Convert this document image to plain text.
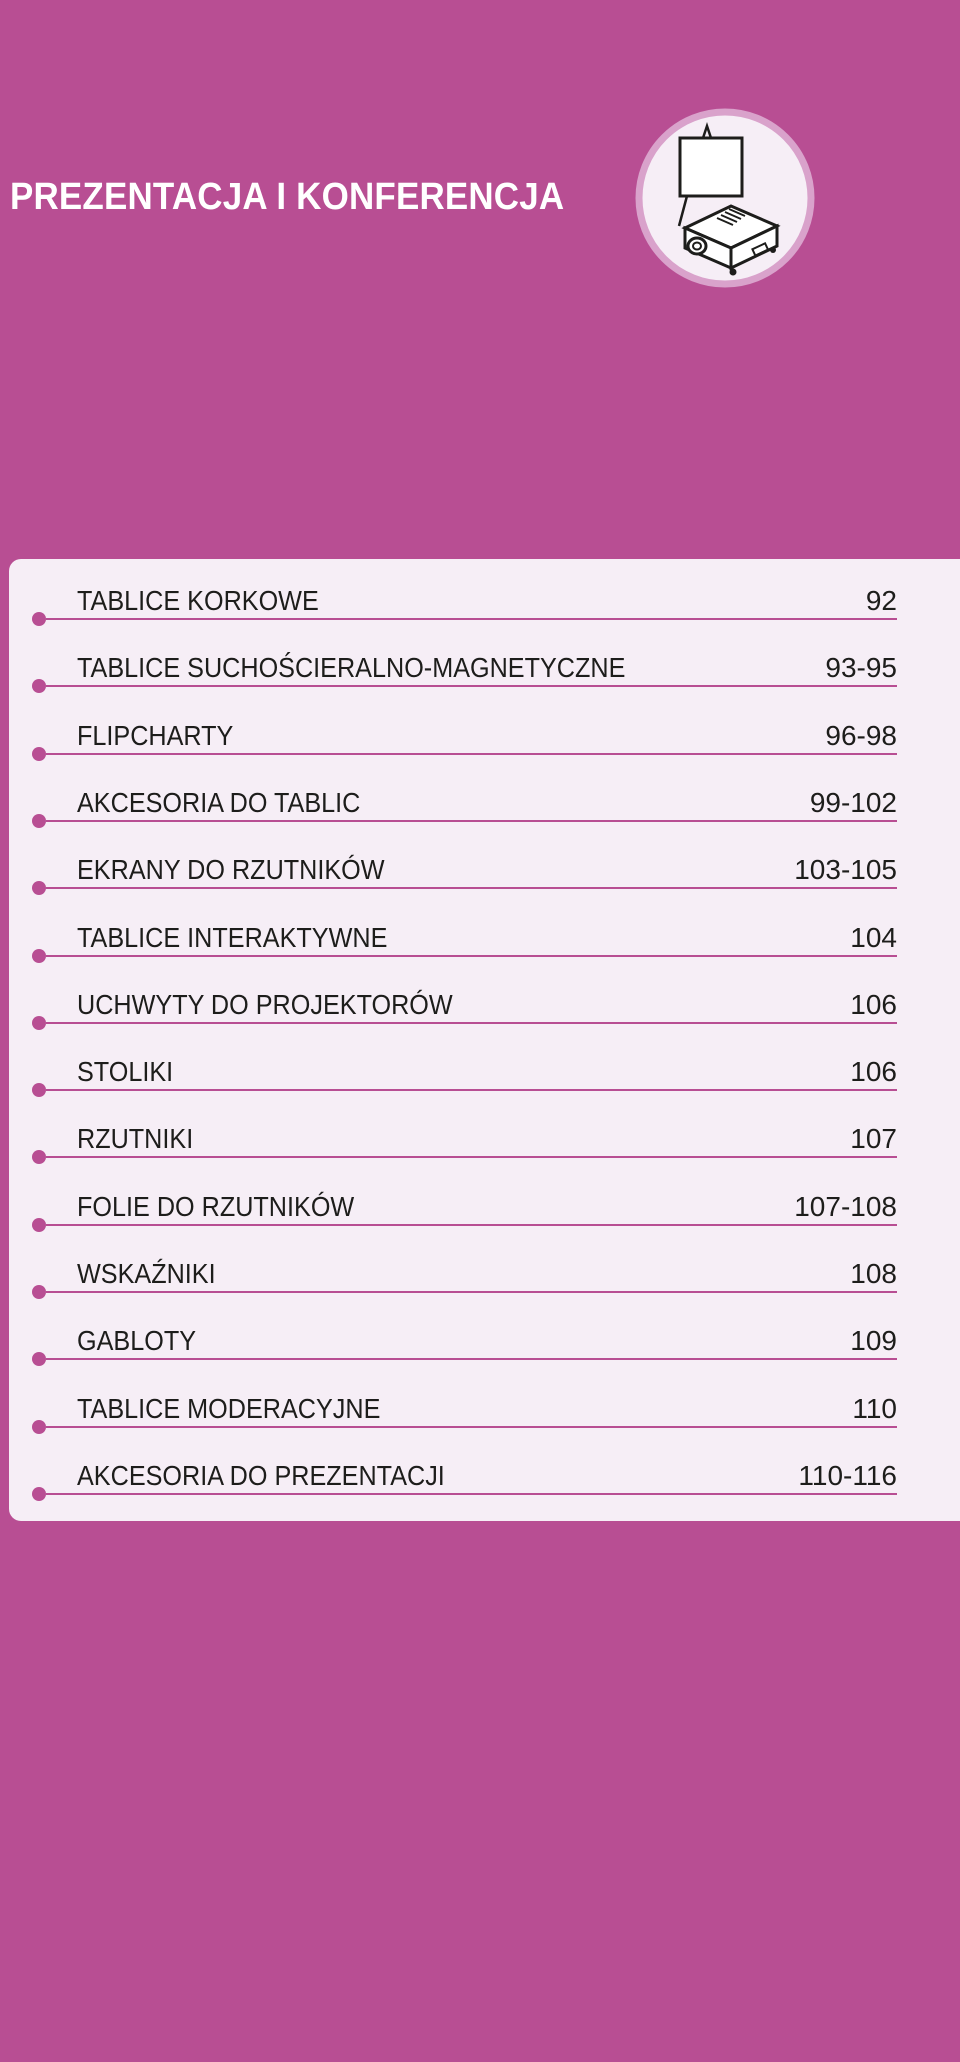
PREZENTACJA I KONFERENCJA
TABLICE KORKOWE	92
TABLICE SUCHOŚCIERALNO-MAGNETYCZNE	93-95
FLIPCHARTY	96-98
AKCESORIA DO TABLIC	99-102
EKRANY DO RZUTNIKÓW	103-105
TABLICE INTERAKTYWNE	104
UCHWYTY DO PROJEKTORÓW	106
STOLIKI	106
RZUTNIKI	107
FOLIE DO RZUTNIKÓW	107-108
WSKAŹNIKI	108
GABLOTY	109
TABLICE MODERACYJNE	110
AKCESORIA DO PREZENTACJI	110-116
